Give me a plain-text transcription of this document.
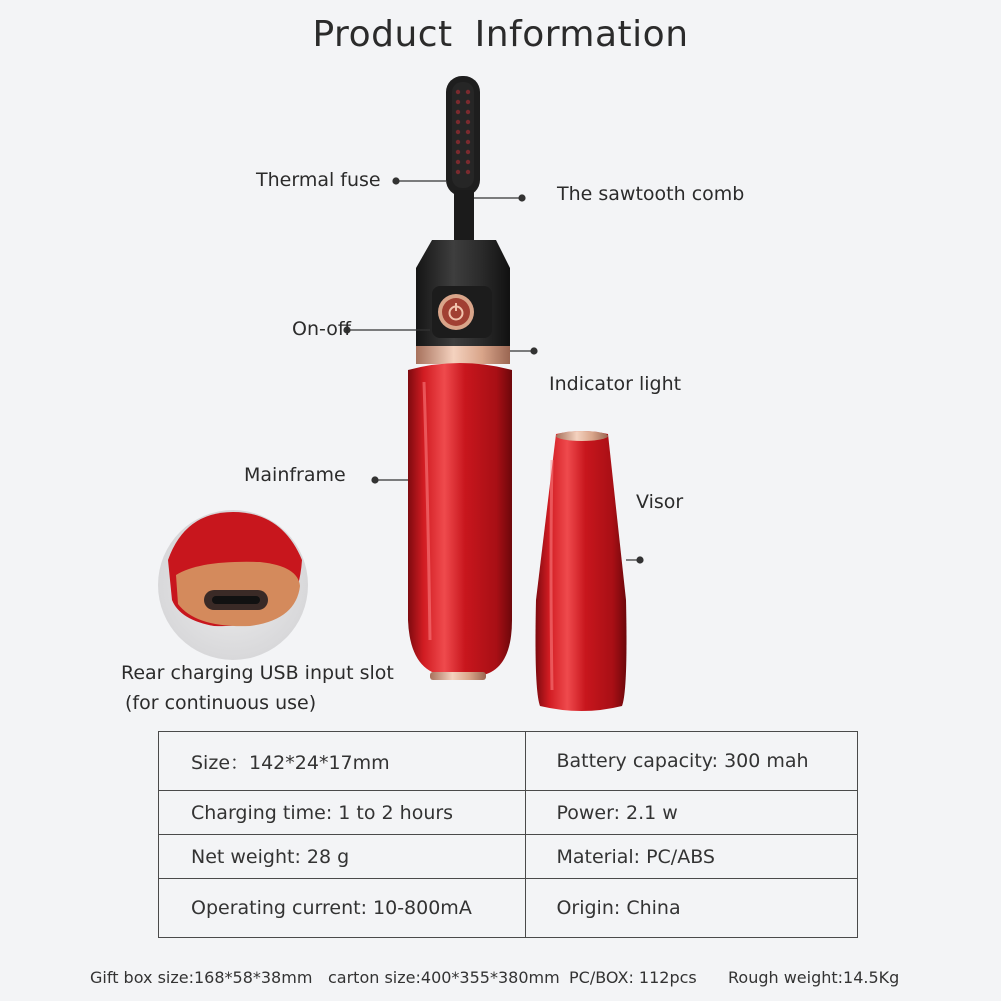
Product Information
Thermal fuse
The sawtooth comb
On-off
Indicator light
Mainframe
Visor
Rear charging USB input slot
(for continuous use)
Size：142*24*17mm	Battery capacity: 300 mah
Charging time: 1 to 2 hours	Power: 2.1 w
Net weight: 28 g	Material: PC/ABS
Operating current: 10-800mA	Origin: China
Gift box size:168*58*38mm carton size:400*355*380mm PC/BOX: 112pcs Rough weight:14.5Kg
